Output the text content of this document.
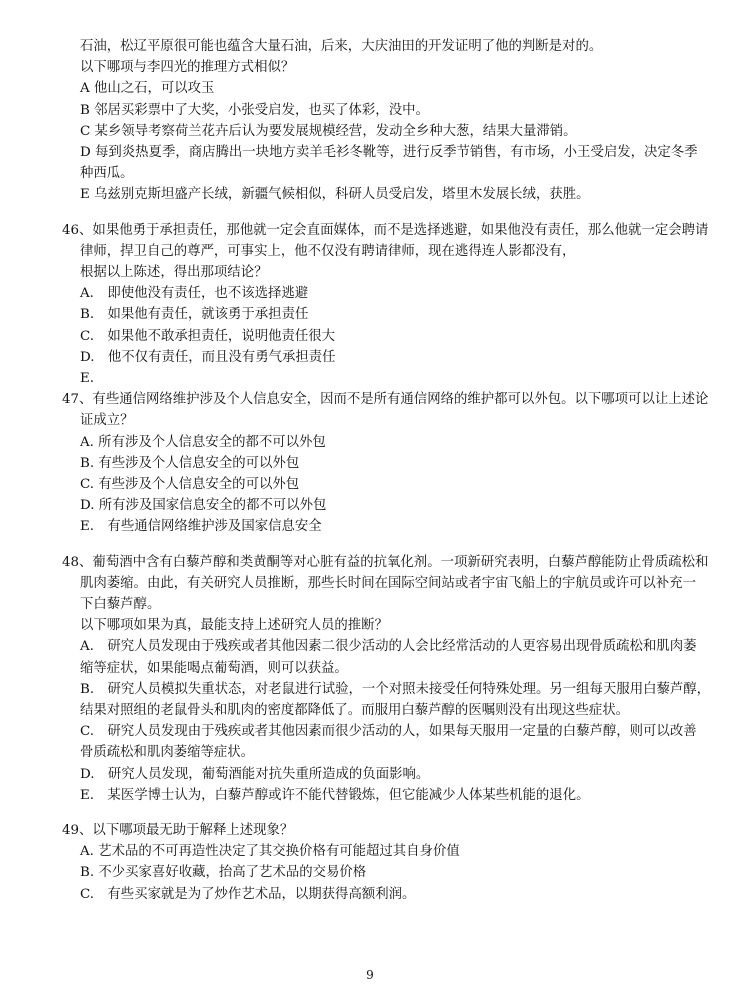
石油，松辽平原很可能也蕴含大量石油，后来，大庆油田的开发证明了他的判断是对的。
以下哪项与李四光的推理方式相似？
A 他山之石，可以攻玉
B 邻居买彩票中了大奖，小张受启发，也买了体彩，没中。
C 某乡领导考察荷兰花卉后认为要发展规模经营，发动全乡种大葱，结果大量滞销。
D 每到炎热夏季，商店腾出一块地方卖羊毛衫冬靴等，进行反季节销售，有市场，小王受启发，决定冬季
种西瓜。
E 乌兹别克斯坦盛产长绒，新疆气候相似，科研人员受启发，塔里木发展长绒，获胜。
46、如果他勇于承担责任，那他就一定会直面媒体，而不是选择逃避，如果他没有责任，那么他就一定会聘请
律师，捍卫自己的尊严，可事实上，他不仅没有聘请律师，现在逃得连人影都没有，
根据以上陈述，得出那项结论？
A.　即使他没有责任，也不该选择逃避
B.　如果他有责任，就该勇于承担责任
C.　如果他不敢承担责任，说明他责任很大
D.　他不仅有责任，而且没有勇气承担责任
E.
47、有些通信网络维护涉及个人信息安全，因而不是所有通信网络的维护都可以外包。以下哪项可以让上述论
证成立？
A. 所有涉及个人信息安全的都不可以外包
B. 有些涉及个人信息安全的可以外包
C. 有些涉及个人信息安全的可以外包
D. 所有涉及国家信息安全的都不可以外包
E.　有些通信网络维护涉及国家信息安全
48、葡萄酒中含有白藜芦醇和类黄酮等对心脏有益的抗氧化剂。一项新研究表明，白藜芦醇能防止骨质疏松和
肌肉萎缩。由此，有关研究人员推断，那些长时间在国际空间站或者宇宙飞船上的宇航员或许可以补充一
下白藜芦醇。
以下哪项如果为真，最能支持上述研究人员的推断？
A.　研究人员发现由于残疾或者其他因素二很少活动的人会比经常活动的人更容易出现骨质疏松和肌肉萎
缩等症状，如果能喝点葡萄酒，则可以获益。
B.　研究人员模拟失重状态，对老鼠进行试验，一个对照未接受任何特殊处理。另一组每天服用白藜芦醇，
结果对照组的老鼠骨头和肌肉的密度都降低了。而服用白藜芦醇的医嘱则没有出现这些症状。
C.　研究人员发现由于残疾或者其他因素而很少活动的人，如果每天服用一定量的白藜芦醇，则可以改善
骨质疏松和肌肉萎缩等症状。
D.　研究人员发现，葡萄酒能对抗失重所造成的负面影响。
E.　某医学博士认为，白藜芦醇或许不能代替锻炼，但它能减少人体某些机能的退化。
9
49、以下哪项最无助于解释上述现象？
A. 艺术品的不可再造性决定了其交换价格有可能超过其自身价值
B. 不少买家喜好收藏，抬高了艺术品的交易价格
C.　有些买家就是为了炒作艺术品，以期获得高额利润。
